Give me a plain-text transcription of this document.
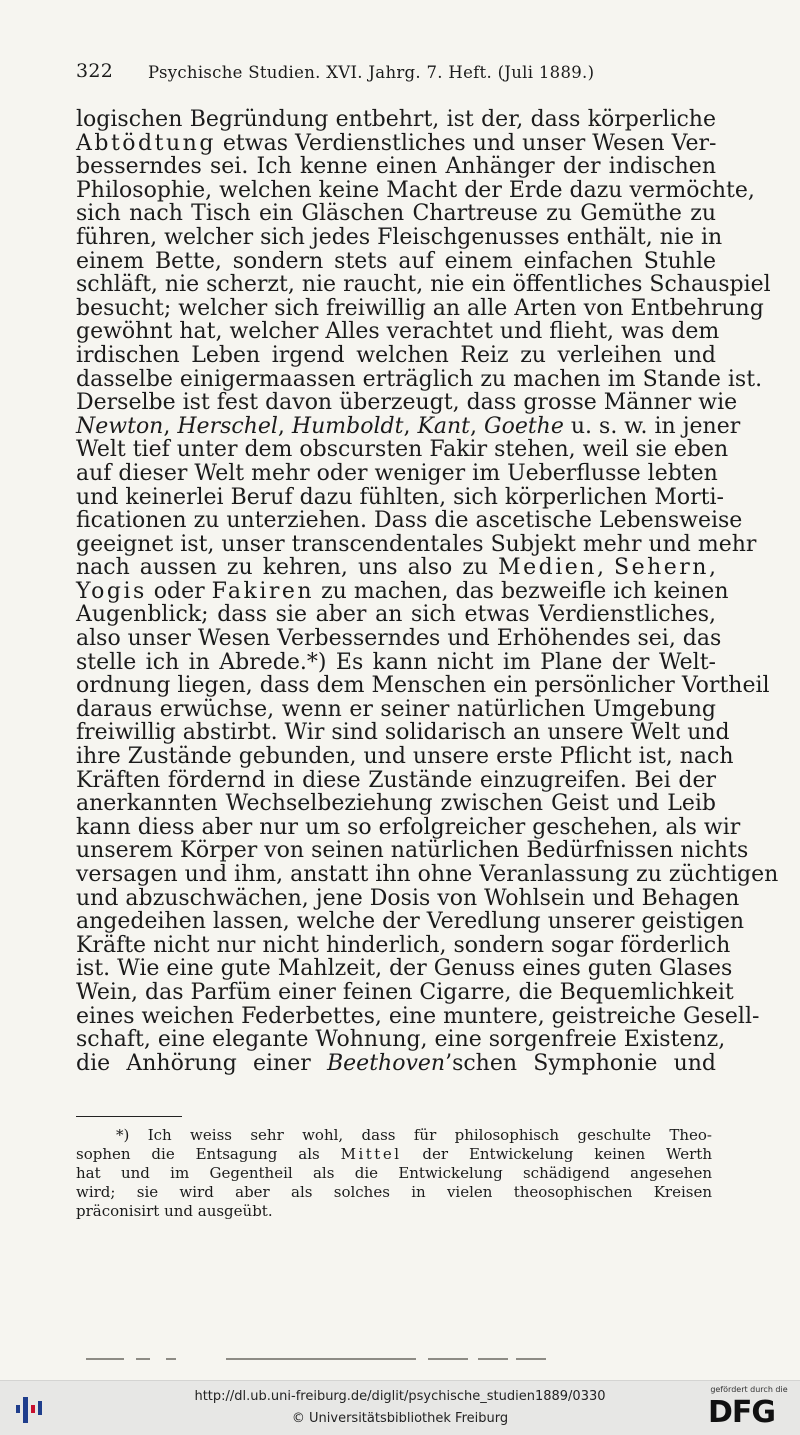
322 Psychische Studien. XVI. Jahrg. 7. Heft. (Juli 1889.)
logischen Begründung entbehrt, ist der, dass körperliche
Abtödtung etwas Verdienstliches und unser Wesen Ver-
besserndes sei. Ich kenne einen Anhänger der indischen
Philosophie, welchen keine Macht der Erde dazu vermöchte,
sich nach Tisch ein Gläschen Chartreuse zu Gemüthe zu
führen, welcher sich jedes Fleischgenusses enthält, nie in
einem Bette, sondern stets auf einem einfachen Stuhle
schläft, nie scherzt, nie raucht, nie ein öffentliches Schauspiel
besucht; welcher sich freiwillig an alle Arten von Entbehrung
gewöhnt hat, welcher Alles verachtet und flieht, was dem
irdischen Leben irgend welchen Reiz zu verleihen und
dasselbe einigermaassen erträglich zu machen im Stande ist.
Derselbe ist fest davon überzeugt, dass grosse Männer wie
Newton, Herschel, Humboldt, Kant, Goethe u. s. w. in jener
Welt tief unter dem obscursten Fakir stehen, weil sie eben
auf dieser Welt mehr oder weniger im Ueberflusse lebten
und keinerlei Beruf dazu fühlten, sich körperlichen Morti-
ficationen zu unterziehen. Dass die ascetische Lebensweise
geeignet ist, unser transcendentales Subjekt mehr und mehr
nach aussen zu kehren, uns also zu Medien, Sehern,
Yogis oder Fakiren zu machen, das bezweifle ich keinen
Augenblick; dass sie aber an sich etwas Verdienstliches,
also unser Wesen Verbesserndes und Erhöhendes sei, das
stelle ich in Abrede.*) Es kann nicht im Plane der Welt-
ordnung liegen, dass dem Menschen ein persönlicher Vortheil
daraus erwüchse, wenn er seiner natürlichen Umgebung
freiwillig abstirbt. Wir sind solidarisch an unsere Welt und
ihre Zustände gebunden, und unsere erste Pflicht ist, nach
Kräften fördernd in diese Zustände einzugreifen. Bei der
anerkannten Wechselbeziehung zwischen Geist und Leib
kann diess aber nur um so erfolgreicher geschehen, als wir
unserem Körper von seinen natürlichen Bedürfnissen nichts
versagen und ihm, anstatt ihn ohne Veranlassung zu züchtigen
und abzuschwächen, jene Dosis von Wohlsein und Behagen
angedeihen lassen, welche der Veredlung unserer geistigen
Kräfte nicht nur nicht hinderlich, sondern sogar förderlich
ist. Wie eine gute Mahlzeit, der Genuss eines guten Glases
Wein, das Parfüm einer feinen Cigarre, die Bequemlichkeit
eines weichen Federbettes, eine muntere, geistreiche Gesell-
schaft, eine elegante Wohnung, eine sorgenfreie Existenz,
die Anhörung einer Beethoven’schen Symphonie und
*) Ich weiss sehr wohl, dass für philosophisch geschulte Theo-
sophen die Entsagung als Mittel der Entwickelung keinen Werth
hat und im Gegentheil als die Entwickelung schädigend angesehen
wird; sie wird aber als solches in vielen theosophischen Kreisen
präconisirt und ausgeübt.
http://dl.ub.uni-freiburg.de/diglit/psychische_studien1889/0330
© Universitätsbibliothek Freiburg
gefördert durch die
DFG
